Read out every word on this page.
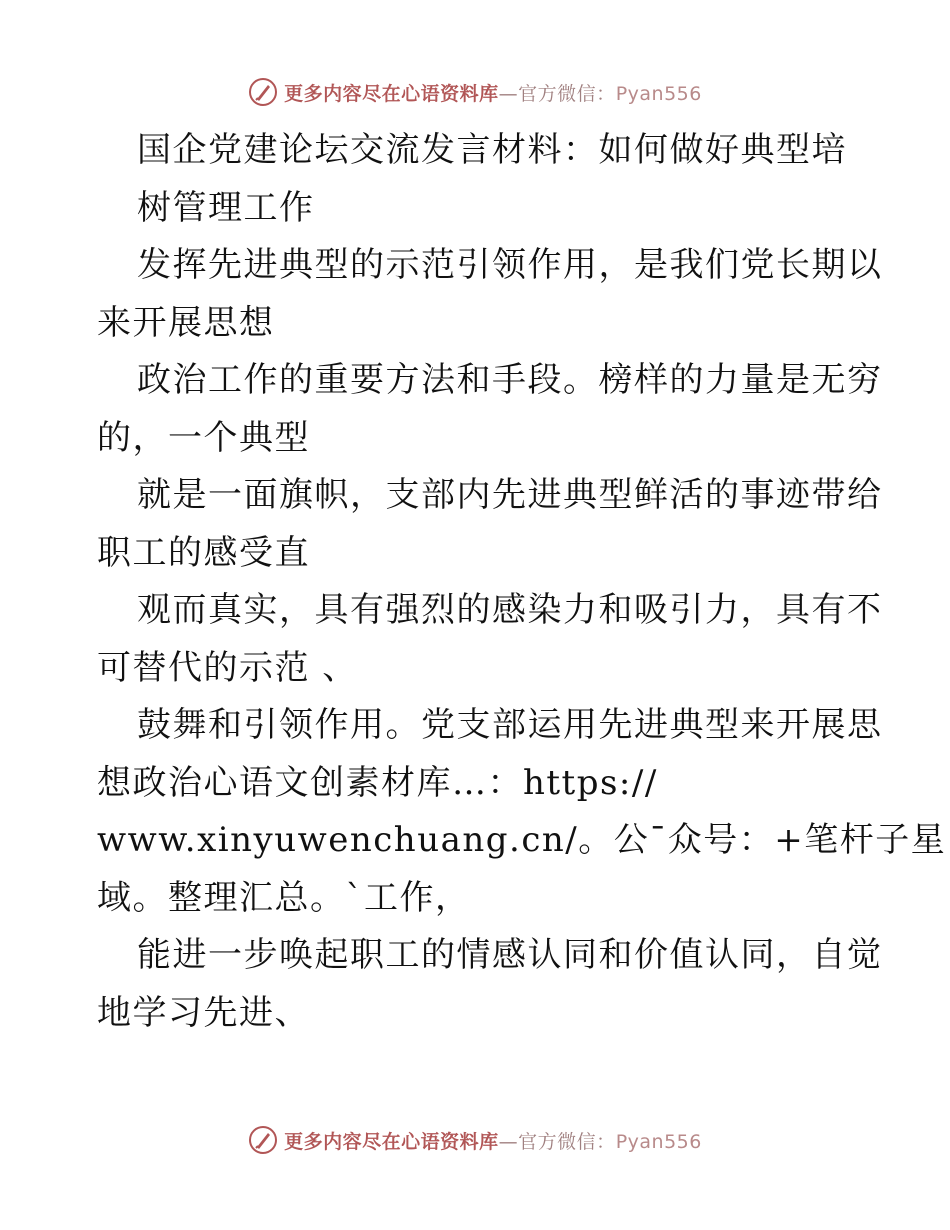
更多内容尽在心语资料库—官方微信：Pyan556
国企党建论坛交流发言材料：如何做好典型培
树管理工作
发挥先进典型的示范引领作用，是我们党长期以
来开展思想
政治工作的重要方法和手段。榜样的力量是无穷
的，一个典型
就是一面旗帜，支部内先进典型鲜活的事迹带给
职工的感受直
观而真实，具有强烈的感染力和吸引力，具有不
可替代的示范 、
鼓舞和引领作用。党支部运用先进典型来开展思
想政治心语文创素材库…：https://
www.xinyuwenchuang.cn/。公¯众号：+笔杆子星
域。整理汇总。`工作，
能进一步唤起职工的情感认同和价值认同，自觉
地学习先进、
更多内容尽在心语资料库—官方微信：Pyan556
